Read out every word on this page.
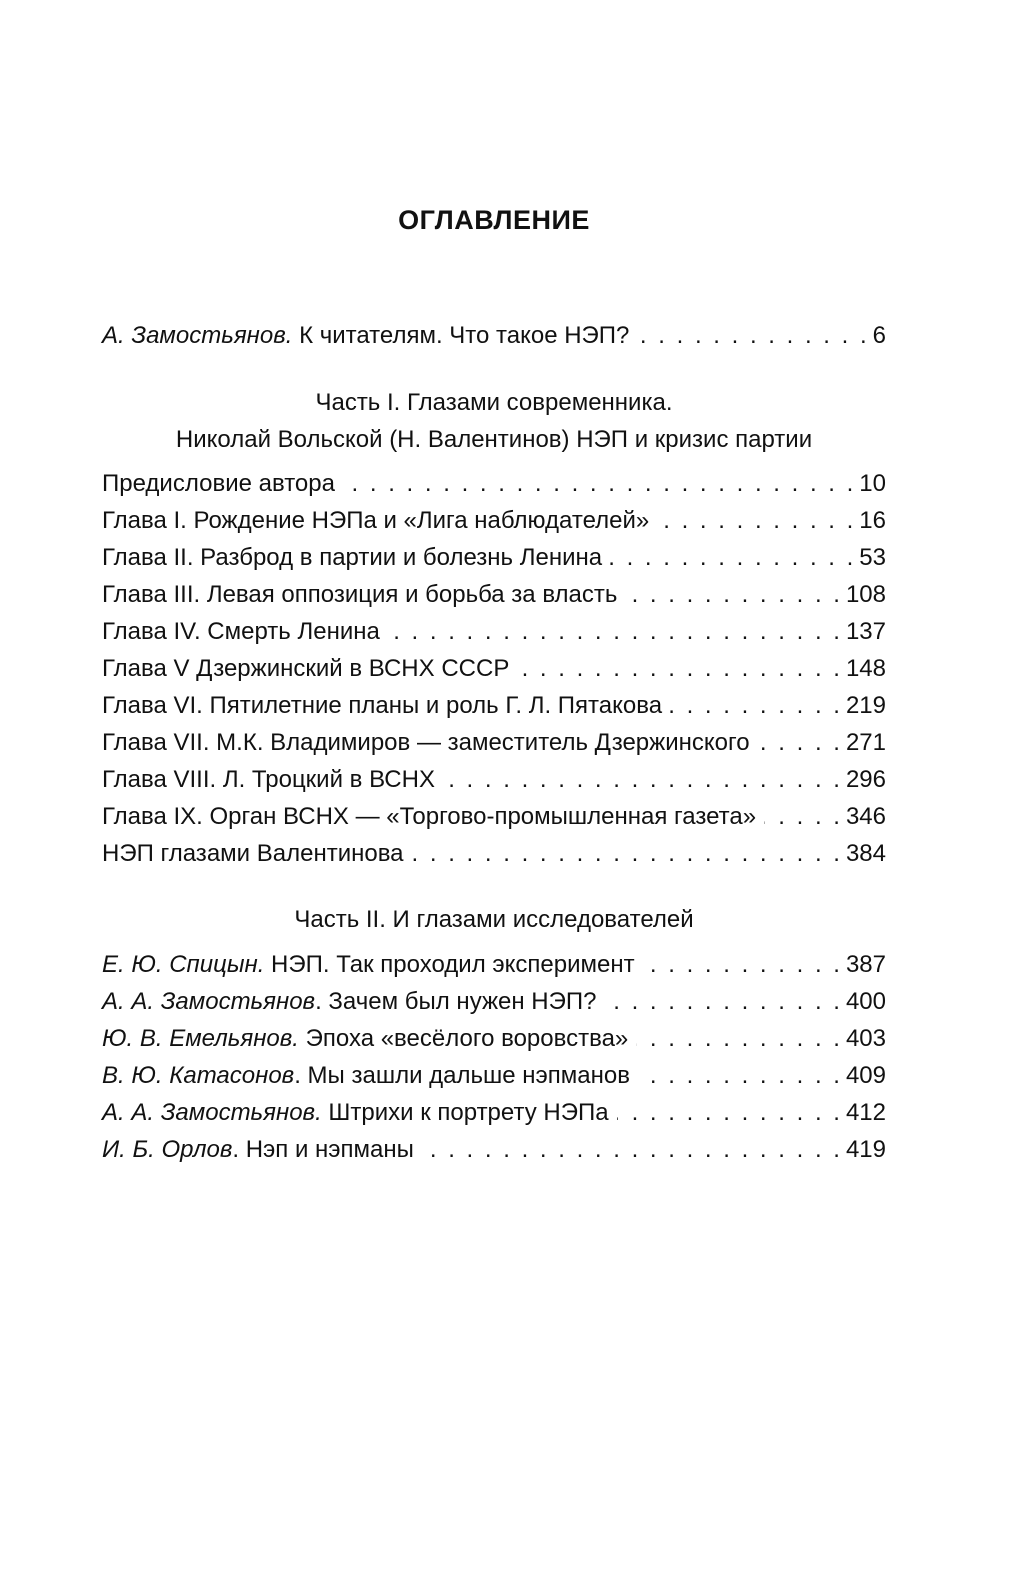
ОГЛАВЛЕНИЕ
А. Замостьянов. К читателям. Что такое НЭП? . . .	6
Часть I. Глазами современника.
Николай Вольской (Н. Валентинов) НЭП и кризис партии
Предисловие автора . . .	10
Глава I. Рождение НЭПа и «Лига наблюдателей» . . .	16
Глава II. Разброд в партии и болезнь Ленина . . .	53
Глава III. Левая оппозиция и борьба за власть . . .	108
Глава IV. Смерть Ленина . . .	137
Глава V Дзержинский в ВСНХ СССР . . .	148
Глава VI. Пятилетние планы и роль Г. Л. Пятакова . . .	219
Глава VII. М.К. Владимиров — заместитель Дзержинского . . .	271
Глава VIII. Л. Троцкий в ВСНХ . . .	296
Глава IX. Орган ВСНХ — «Торгово-промышленная газета» . . .	346
НЭП глазами Валентинова . . .	384
Часть II. И глазами исследователей
Е. Ю. Спицын. НЭП. Так проходил эксперимент . . .	387
А. А. Замостьянов. Зачем был нужен НЭП? . . .	400
Ю. В. Емельянов. Эпоха «весёлого воровства» . . .	403
В. Ю. Катасонов. Мы зашли дальше нэпманов . . .	409
А. А. Замостьянов. Штрихи к портрету НЭПа . . .	412
И. Б. Орлов. Нэп и нэпманы . . .	419
